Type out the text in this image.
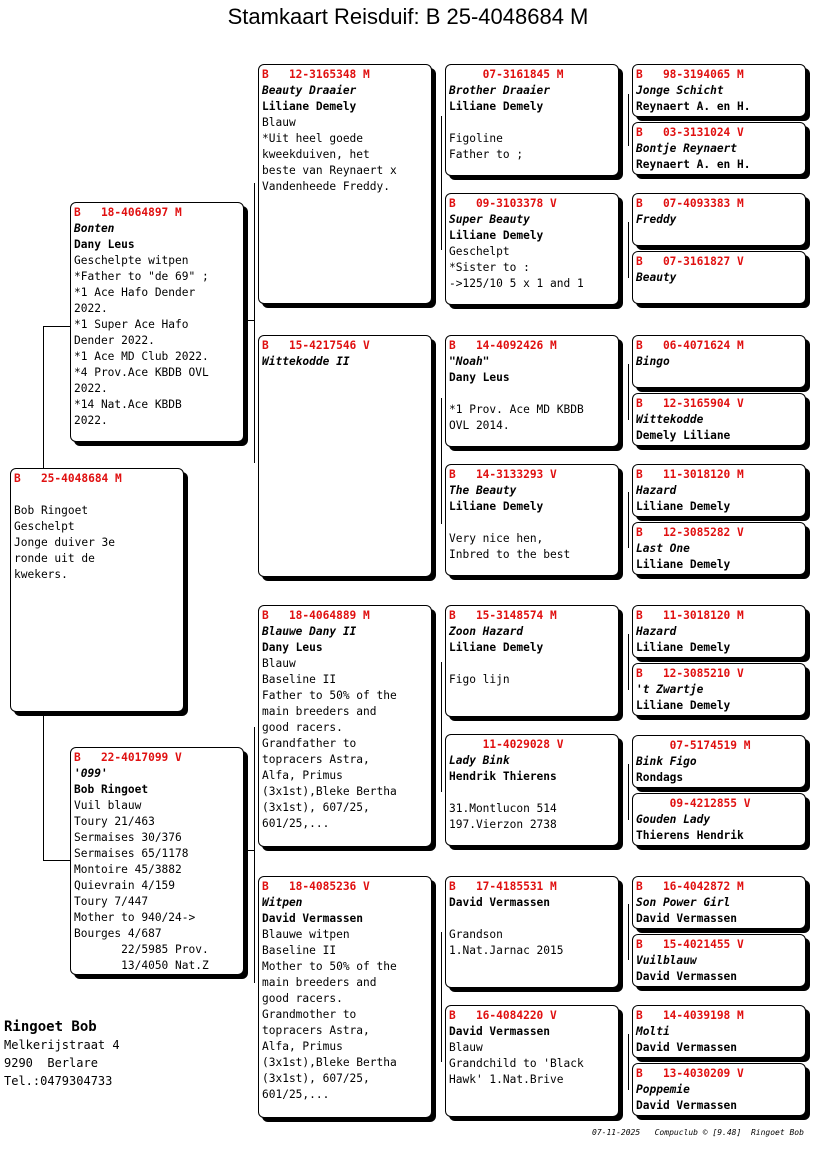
Stamkaart Reisduif: B 25-4048684 M
B   25-4048684 M
Bob Ringoet
Geschelpt
Jonge duiver 3e
ronde uit de
kwekers.
B   18-4064897 M
Bonten
Dany Leus
Geschelpte witpen
*Father to "de 69" ;
*1 Ace Hafo Dender
2022.
*1 Super Ace Hafo
Dender 2022.
*1 Ace MD Club 2022.
*4 Prov.Ace KBDB OVL
2022.
*14 Nat.Ace KBDB
2022.
B   22-4017099 V
'099'
Bob Ringoet
Vuil blauw
Toury 21/463
Sermaises 30/376
Sermaises 65/1178
Montoire 45/3882
Quievrain 4/159
Toury 7/447
Mother to 940/24->
Bourges 4/687
22/5985 Prov.
13/4050 Nat.Z
B   12-3165348 M
Beauty Draaier
Liliane Demely
Blauw
*Uit heel goede
kweekduiven, het
beste van Reynaert x
Vandenheede Freddy.
B   15-4217546 V
Wittekodde II
B   18-4064889 M
Blauwe Dany II
Dany Leus
Blauw
Baseline II
Father to 50% of the
main breeders and
good racers.
Grandfather to
topracers Astra,
Alfa, Primus
(3x1st),Bleke Bertha
(3x1st), 607/25,
601/25,...
B   18-4085236 V
Witpen
David Vermassen
Blauwe witpen
Baseline II
Mother to 50% of the
main breeders and
good racers.
Grandmother to
topracers Astra,
Alfa, Primus
(3x1st),Bleke Bertha
(3x1st), 607/25,
601/25,...
07-3161845 M
Brother Draaier
Liliane Demely
Figoline
Father to ;
B   09-3103378 V
Super Beauty
Liliane Demely
Geschelpt
*Sister to :
->125/10 5 x 1 and 1
B   14-4092426 M
"Noah"
Dany Leus
*1 Prov. Ace MD KBDB
OVL 2014.
B   14-3133293 V
The Beauty
Liliane Demely
Very nice hen,
Inbred to the best
B   15-3148574 M
Zoon Hazard
Liliane Demely
Figo lijn
11-4029028 V
Lady Bink
Hendrik Thierens
31.Montlucon 514
197.Vierzon 2738
B   17-4185531 M
David Vermassen
Grandson
1.Nat.Jarnac 2015
B   16-4084220 V
David Vermassen
Blauw
Grandchild to 'Black
Hawk' 1.Nat.Brive
B   98-3194065 M
Jonge Schicht
Reynaert A. en H.
B   03-3131024 V
Bontje Reynaert
Reynaert A. en H.
B   07-4093383 M
Freddy
B   07-3161827 V
Beauty
B   06-4071624 M
Bingo
B   12-3165904 V
Wittekodde
Demely Liliane
B   11-3018120 M
Hazard
Liliane Demely
B   12-3085282 V
Last One
Liliane Demely
B   11-3018120 M
Hazard
Liliane Demely
B   12-3085210 V
't Zwartje
Liliane Demely
07-5174519 M
Bink Figo
Rondags
09-4212855 V
Gouden Lady
Thierens Hendrik
B   16-4042872 M
Son Power Girl
David Vermassen
B   15-4021455 V
Vuilblauw
David Vermassen
B   14-4039198 M
Molti
David Vermassen
B   13-4030209 V
Poppemie
David Vermassen
Ringoet Bob
Melkerijstraat 4
9290  Berlare
Tel.:0479304733
07-11-2025   Compuclub © [9.48]  Ringoet Bob
